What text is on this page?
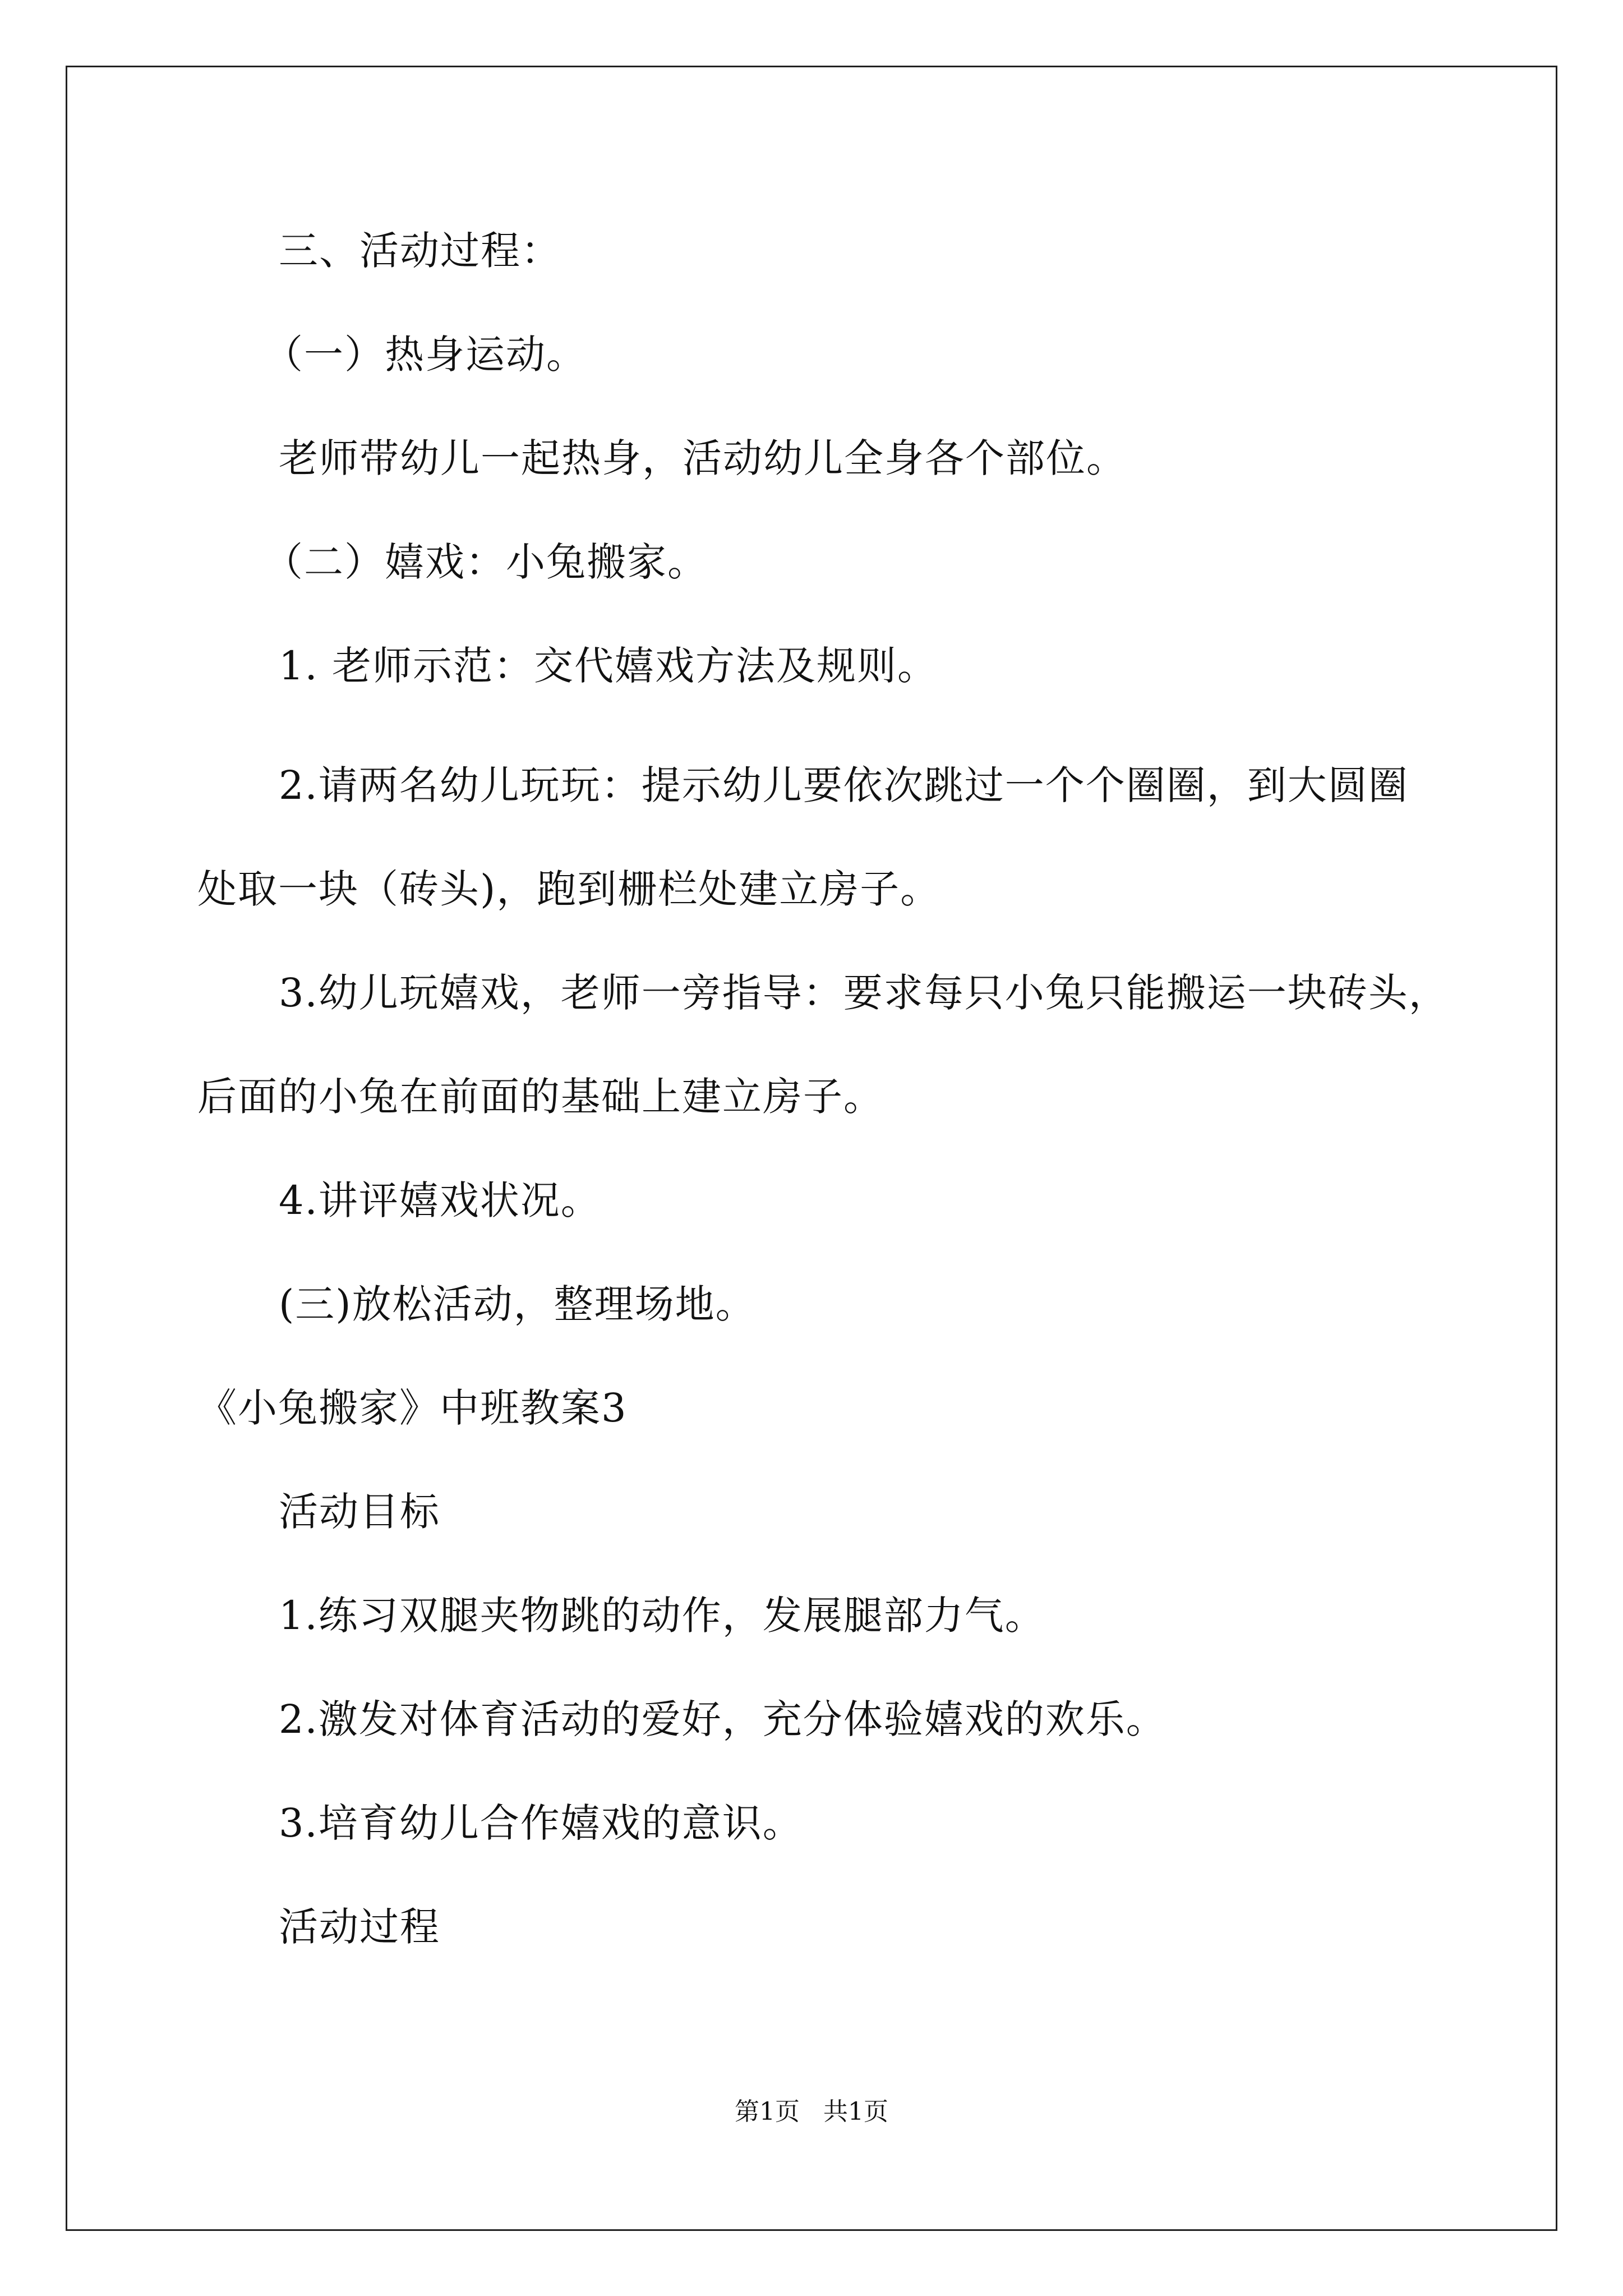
三、活动过程：
（一）热身运动。
老师带幼儿一起热身，活动幼儿全身各个部位。
（二）嬉戏：小兔搬家。
1. 老师示范：交代嬉戏方法及规则。
2.请两名幼儿玩玩：提示幼儿要依次跳过一个个圈圈，到大圆圈
处取一块（砖头)，跑到栅栏处建立房子。
3.幼儿玩嬉戏，老师一旁指导：要求每只小兔只能搬运一块砖头，
后面的小兔在前面的基础上建立房子。
4.讲评嬉戏状况。
(三)放松活动，整理场地。
《小兔搬家》中班教案3
活动目标
1.练习双腿夹物跳的动作，发展腿部力气。
2.激发对体育活动的爱好，充分体验嬉戏的欢乐。
3.培育幼儿合作嬉戏的意识。
活动过程
第1页   共1页
